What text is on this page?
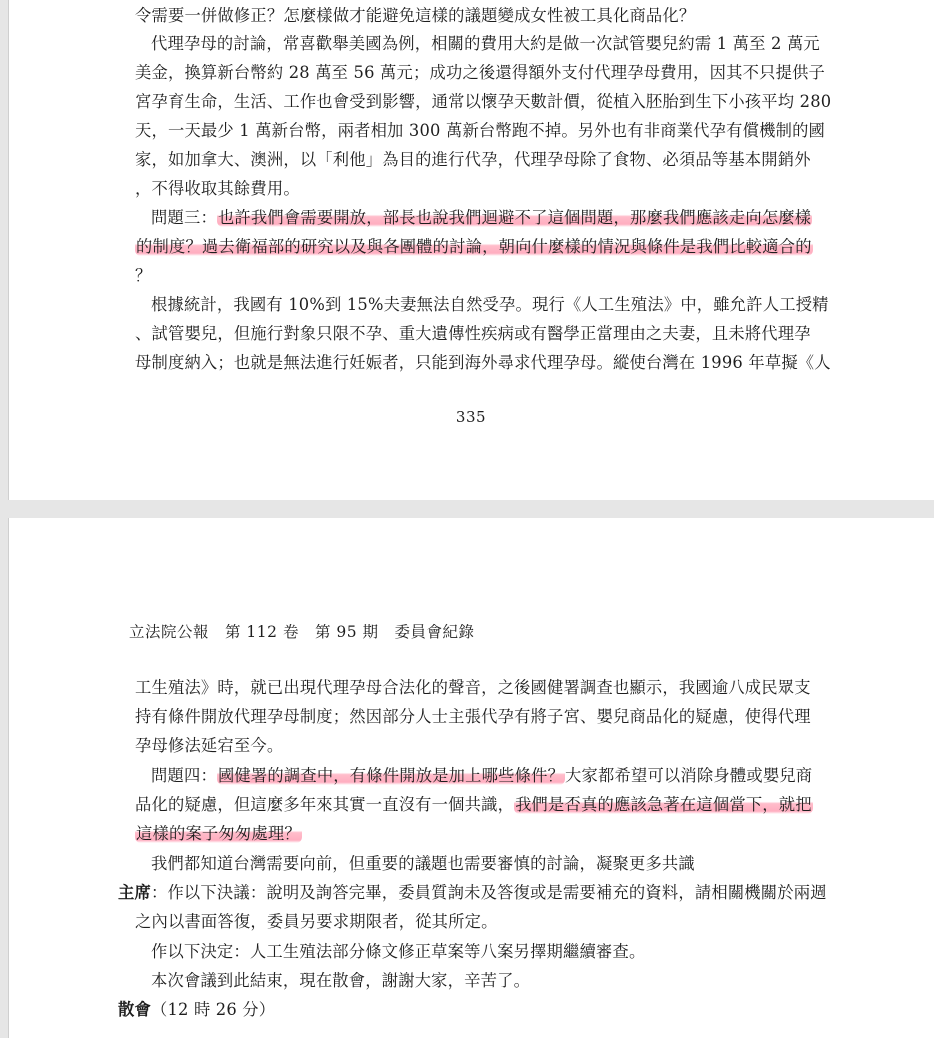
令需要一併做修正？怎麼樣做才能避免這樣的議題變成女性被工具化商品化？
代理孕母的討論，常喜歡舉美國為例，相關的費用大約是做一次試管嬰兒約需 1 萬至 2 萬元
美金，換算新台幣約 28 萬至 56 萬元；成功之後還得額外支付代理孕母費用，因其不只提供子
宮孕育生命，生活、工作也會受到影響，通常以懷孕天數計價，從植入胚胎到生下小孩平均 280
天，一天最少 1 萬新台幣，兩者相加 300 萬新台幣跑不掉。另外也有非商業代孕有償機制的國
家，如加拿大、澳洲，以「利他」為目的進行代孕，代理孕母除了食物、必須品等基本開銷外
，不得收取其餘費用。
問題三：也許我們會需要開放，部長也說我們迴避不了這個問題，那麼我們應該走向怎麼樣
的制度？過去衛福部的研究以及與各團體的討論，朝向什麼樣的情況與條件是我們比較適合的
？
根據統計，我國有 10%到 15%夫妻無法自然受孕。現行《人工生殖法》中，雖允許人工授精
、試管嬰兒，但施行對象只限不孕、重大遺傳性疾病或有醫學正當理由之夫妻，且未將代理孕
母制度納入；也就是無法進行妊娠者，只能到海外尋求代理孕母。縱使台灣在 1996 年草擬《人
335
立法院公報　第 112 卷　第 95 期　委員會紀錄
工生殖法》時，就已出現代理孕母合法化的聲音，之後國健署調查也顯示，我國逾八成民眾支
持有條件開放代理孕母制度；然因部分人士主張代孕有將子宮、嬰兒商品化的疑慮，使得代理
孕母修法延宕至今。
問題四：國健署的調查中，有條件開放是加上哪些條件？大家都希望可以消除身體或嬰兒商
品化的疑慮，但這麼多年來其實一直沒有一個共識，我們是否真的應該急著在這個當下，就把
這樣的案子匆匆處理？
我們都知道台灣需要向前，但重要的議題也需要審慎的討論，凝聚更多共識
主席：作以下決議：說明及詢答完畢，委員質詢未及答復或是需要補充的資料，請相關機關於兩週
之內以書面答復，委員另要求期限者，從其所定。
作以下決定：人工生殖法部分條文修正草案等八案另擇期繼續審查。
本次會議到此結束，現在散會，謝謝大家，辛苦了。
散會（12 時 26 分）
